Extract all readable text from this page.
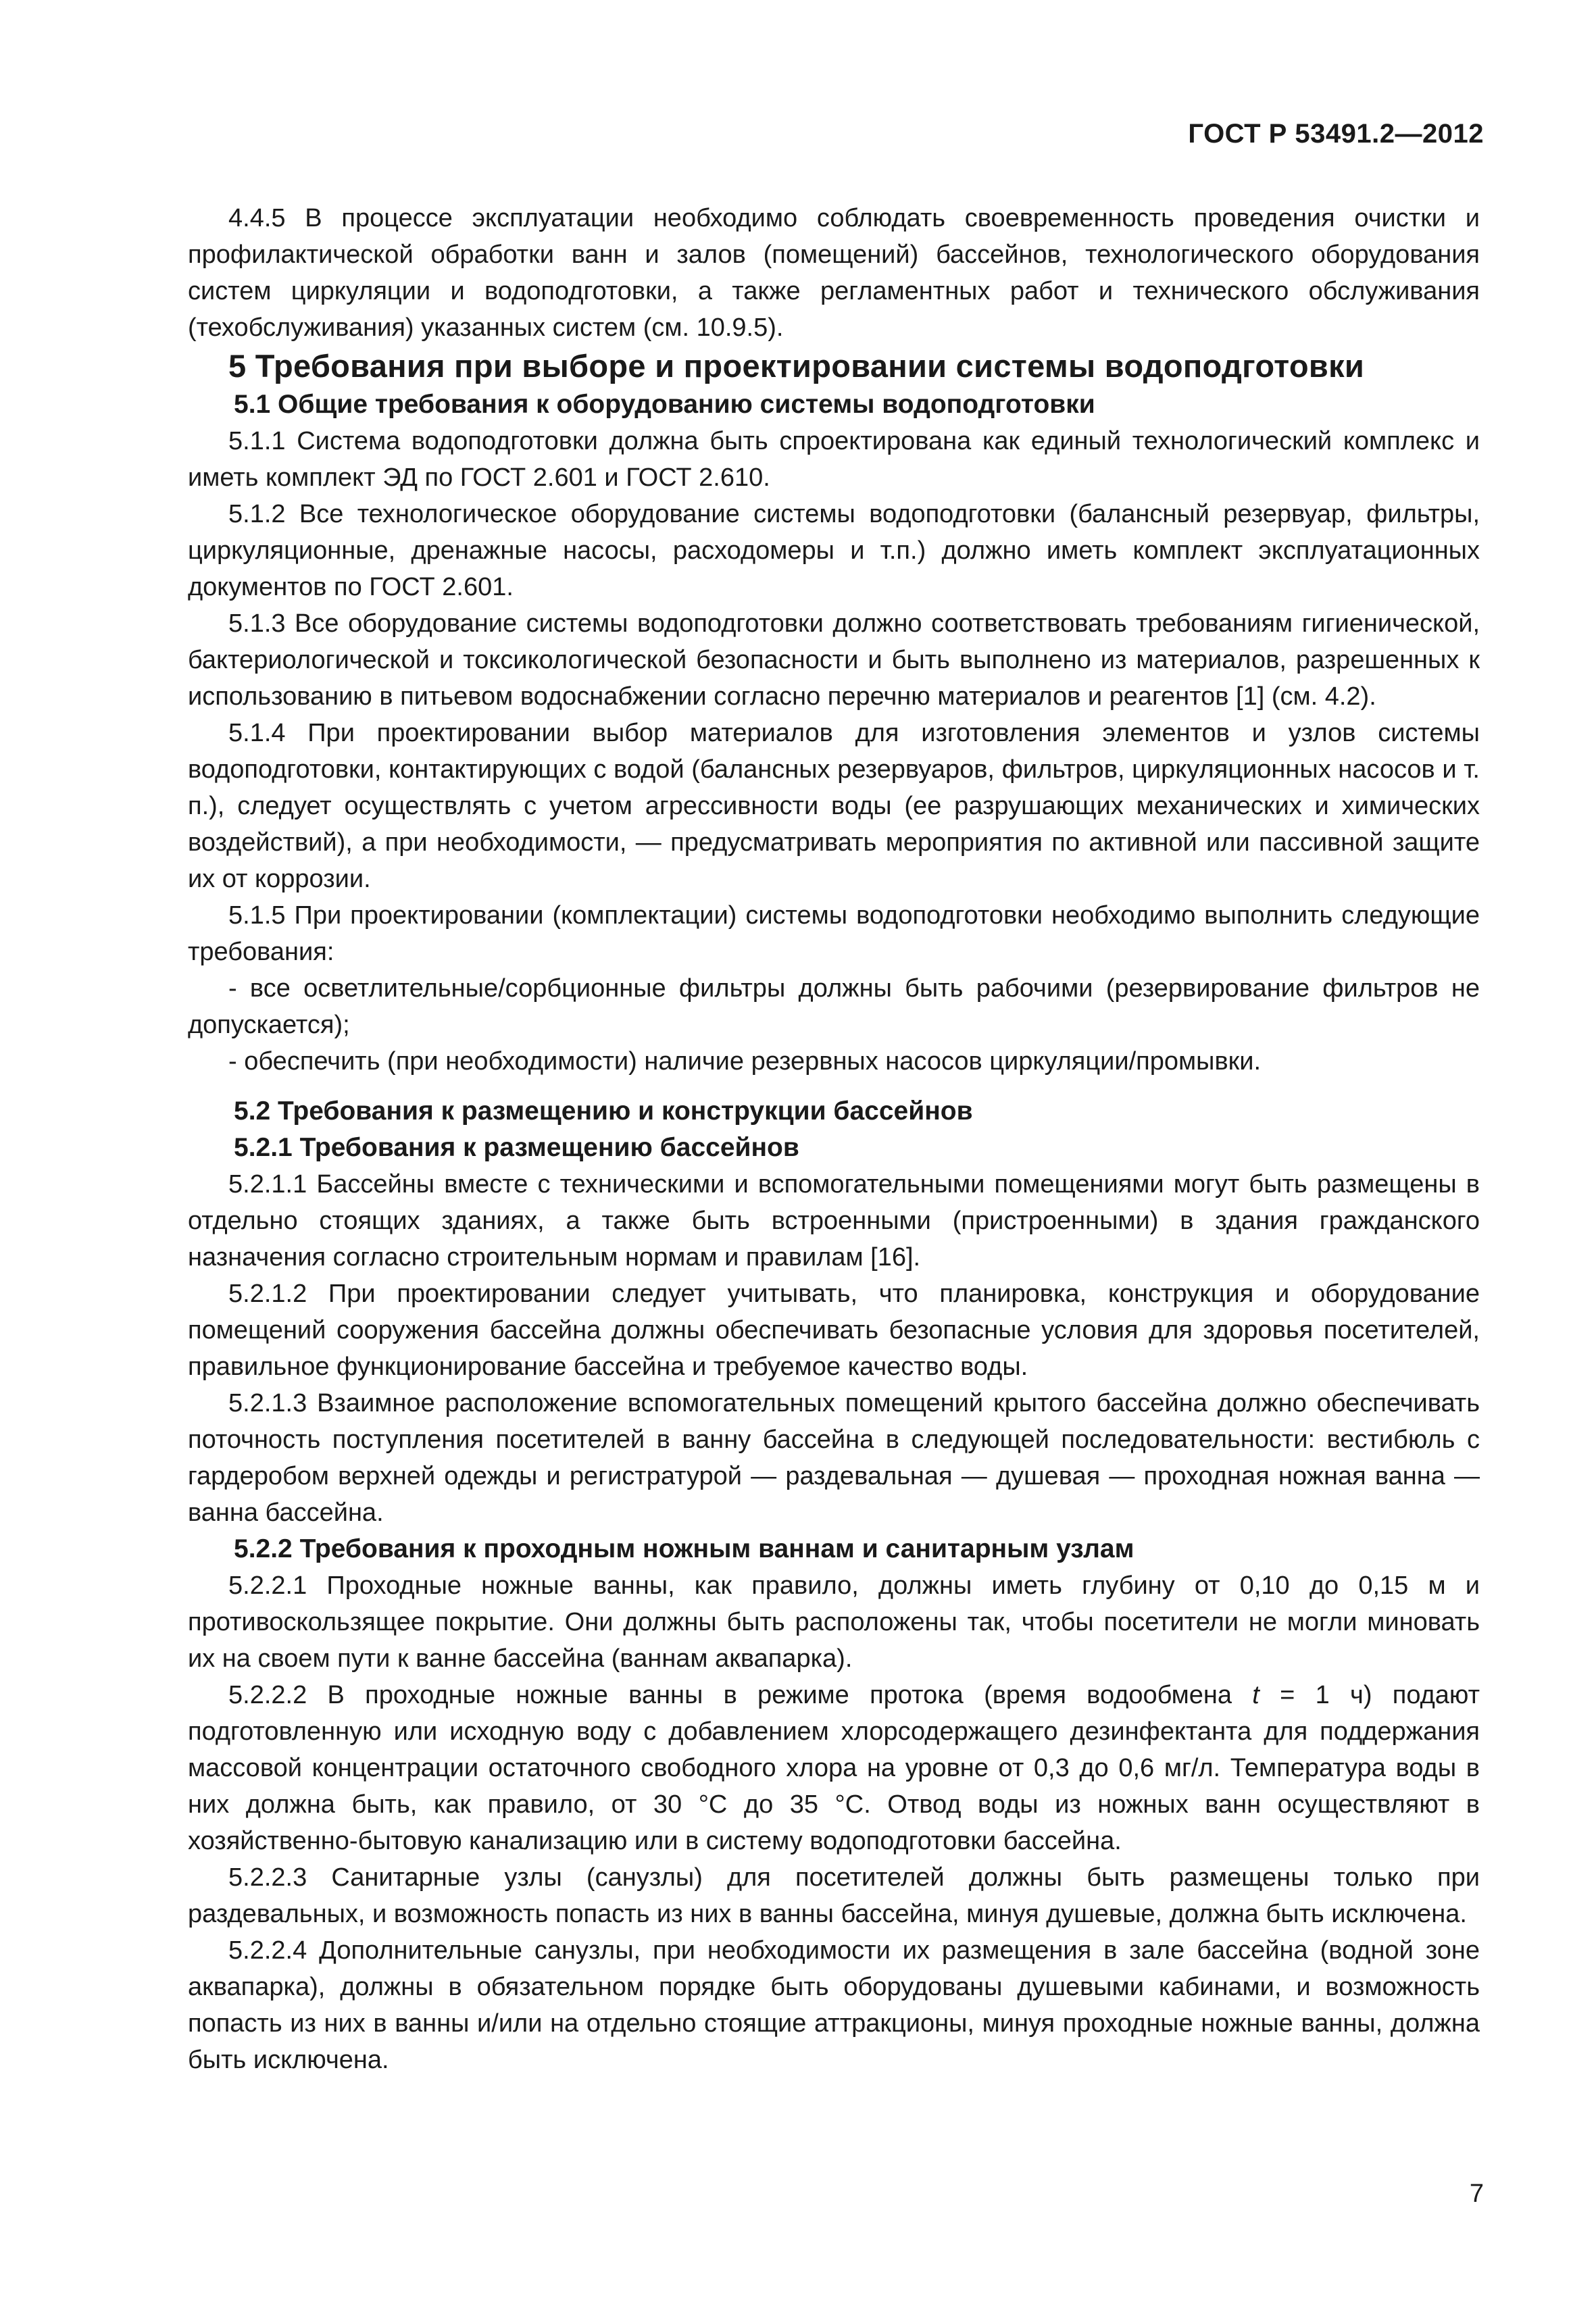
ГОСТ Р 53491.2—2012

4.4.5 В процессе эксплуатации необходимо соблюдать своевременность проведения очистки и профилактической обработки ванн и залов (помещений) бассейнов, технологического оборудования систем циркуляции и водоподготовки, а также регламентных работ и технического обслуживания (техобслуживания) указанных систем (см. 10.9.5).

5 Требования при выборе и проектировании системы водоподготовки

5.1 Общие требования к оборудованию системы водоподготовки

5.1.1 Система водоподготовки должна быть спроектирована как единый технологический комплекс и иметь комплект ЭД по ГОСТ 2.601 и ГОСТ 2.610.

5.1.2 Все технологическое оборудование системы водоподготовки (балансный резервуар, фильтры, циркуляционные, дренажные насосы, расходомеры и т.п.) должно иметь комплект эксплуатационных документов по ГОСТ 2.601.

5.1.3 Все оборудование системы водоподготовки должно соответствовать требованиям гигиенической, бактериологической и токсикологической безопасности и быть выполнено из материалов, разрешенных к использованию в питьевом водоснабжении согласно перечню материалов и реагентов [1] (см. 4.2).

5.1.4 При проектировании выбор материалов для изготовления элементов и узлов системы водоподготовки, контактирующих с водой (балансных резервуаров, фильтров, циркуляционных насосов и т. п.), следует осуществлять с учетом агрессивности воды (ее разрушающих механических и химических воздействий), а при необходимости, — предусматривать мероприятия по активной или пассивной защите их от коррозии.

5.1.5 При проектировании (комплектации) системы водоподготовки необходимо выполнить следующие требования:

- все осветлительные/сорбционные фильтры должны быть рабочими (резервирование фильтров не допускается);

- обеспечить (при необходимости) наличие резервных насосов циркуляции/промывки.

5.2 Требования к размещению и конструкции бассейнов

5.2.1 Требования к размещению бассейнов

5.2.1.1 Бассейны вместе с техническими и вспомогательными помещениями могут быть размещены в отдельно стоящих зданиях, а также быть встроенными (пристроенными) в здания гражданского назначения согласно строительным нормам и правилам [16].

5.2.1.2 При проектировании следует учитывать, что планировка, конструкция и оборудование помещений сооружения бассейна должны обеспечивать безопасные условия для здоровья посетителей, правильное функционирование бассейна и требуемое качество воды.

5.2.1.3 Взаимное расположение вспомогательных помещений крытого бассейна должно обеспечивать поточность поступления посетителей в ванну бассейна в следующей последовательности: вестибюль с гардеробом верхней одежды и регистратурой — раздевальная — душевая — проходная ножная ванна — ванна бассейна.

5.2.2 Требования к проходным ножным ваннам и санитарным узлам

5.2.2.1 Проходные ножные ванны, как правило, должны иметь глубину от 0,10 до 0,15 м и противоскользящее покрытие. Они должны быть расположены так, чтобы посетители не могли миновать их на своем пути к ванне бассейна (ваннам аквапарка).

5.2.2.2 В проходные ножные ванны в режиме протока (время водообмена t = 1 ч) подают подготовленную или исходную воду с добавлением хлорсодержащего дезинфектанта для поддержания массовой концентрации остаточного свободного хлора на уровне от 0,3 до 0,6 мг/л. Температура воды в них должна быть, как правило, от 30 °С до 35 °С. Отвод воды из ножных ванн осуществляют в хозяйственно-бытовую канализацию или в систему водоподготовки бассейна.

5.2.2.3 Санитарные узлы (санузлы) для посетителей должны быть размещены только при раздевальных, и возможность попасть из них в ванны бассейна, минуя душевые, должна быть исключена.

5.2.2.4 Дополнительные санузлы, при необходимости их размещения в зале бассейна (водной зоне аквапарка), должны в обязательном порядке быть оборудованы душевыми кабинами, и возможность попасть из них в ванны и/или на отдельно стоящие аттракционы, минуя проходные ножные ванны, должна быть исключена.

7
